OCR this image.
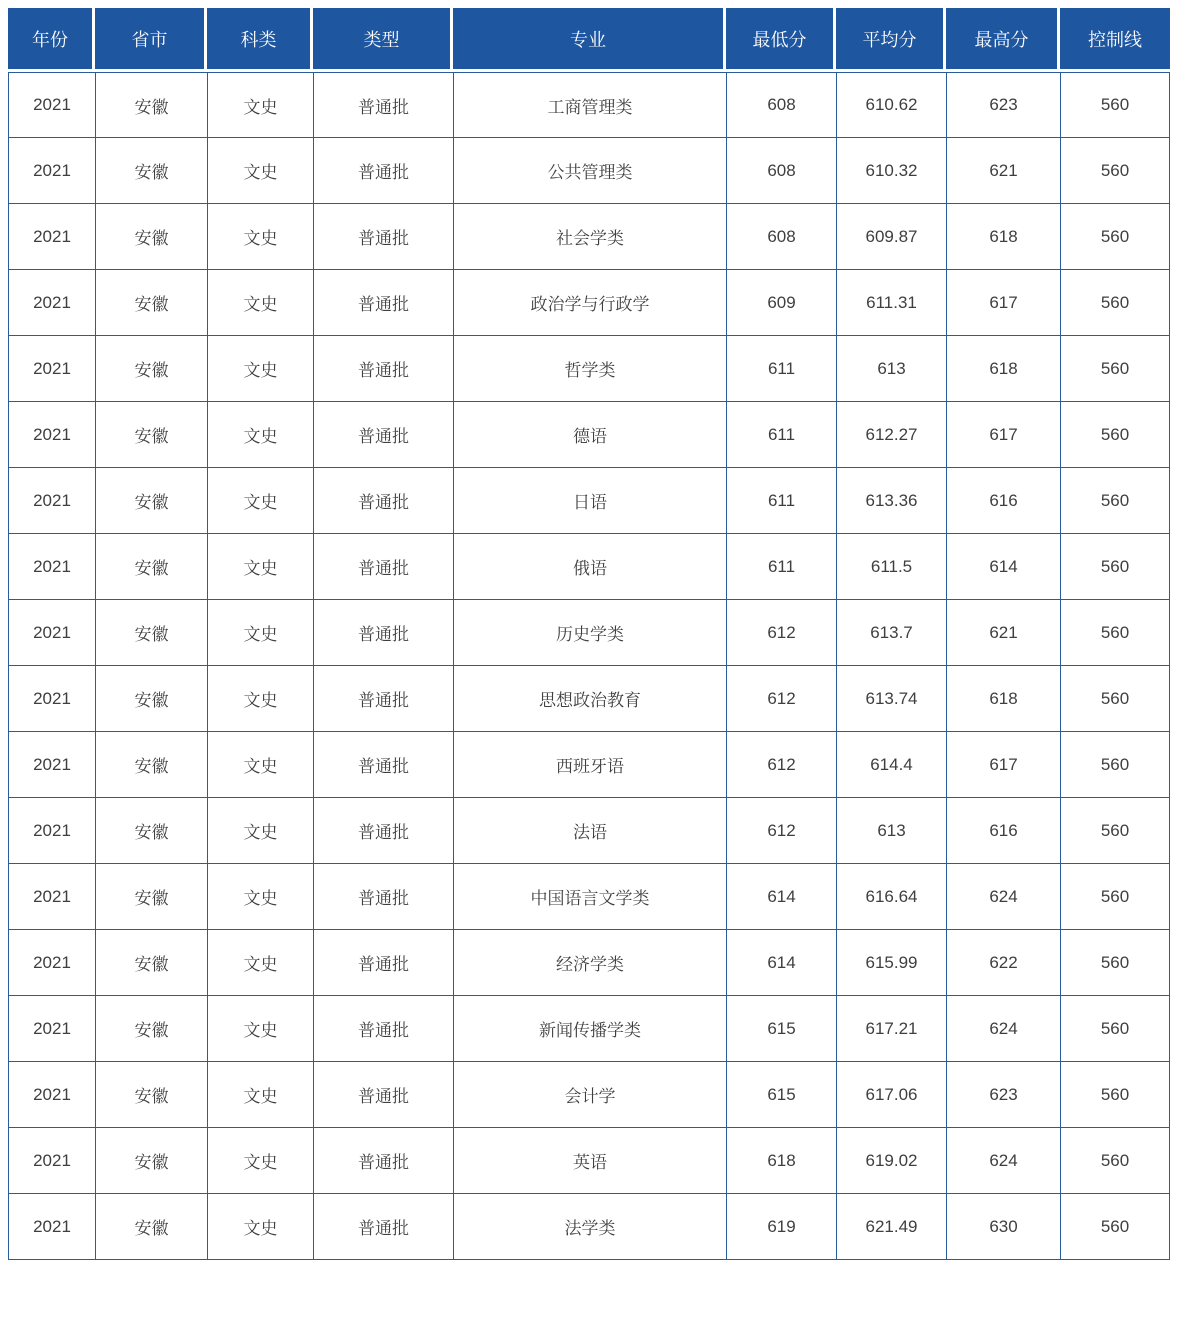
年份	省市	科类	类型	专业	最低分	平均分	最高分	控制线
2021	安徽	文史	普通批	工商管理类	608	610.62	623	560
2021	安徽	文史	普通批	公共管理类	608	610.32	621	560
2021	安徽	文史	普通批	社会学类	608	609.87	618	560
2021	安徽	文史	普通批	政治学与行政学	609	611.31	617	560
2021	安徽	文史	普通批	哲学类	611	613	618	560
2021	安徽	文史	普通批	德语	611	612.27	617	560
2021	安徽	文史	普通批	日语	611	613.36	616	560
2021	安徽	文史	普通批	俄语	611	611.5	614	560
2021	安徽	文史	普通批	历史学类	612	613.7	621	560
2021	安徽	文史	普通批	思想政治教育	612	613.74	618	560
2021	安徽	文史	普通批	西班牙语	612	614.4	617	560
2021	安徽	文史	普通批	法语	612	613	616	560
2021	安徽	文史	普通批	中国语言文学类	614	616.64	624	560
2021	安徽	文史	普通批	经济学类	614	615.99	622	560
2021	安徽	文史	普通批	新闻传播学类	615	617.21	624	560
2021	安徽	文史	普通批	会计学	615	617.06	623	560
2021	安徽	文史	普通批	英语	618	619.02	624	560
2021	安徽	文史	普通批	法学类	619	621.49	630	560
